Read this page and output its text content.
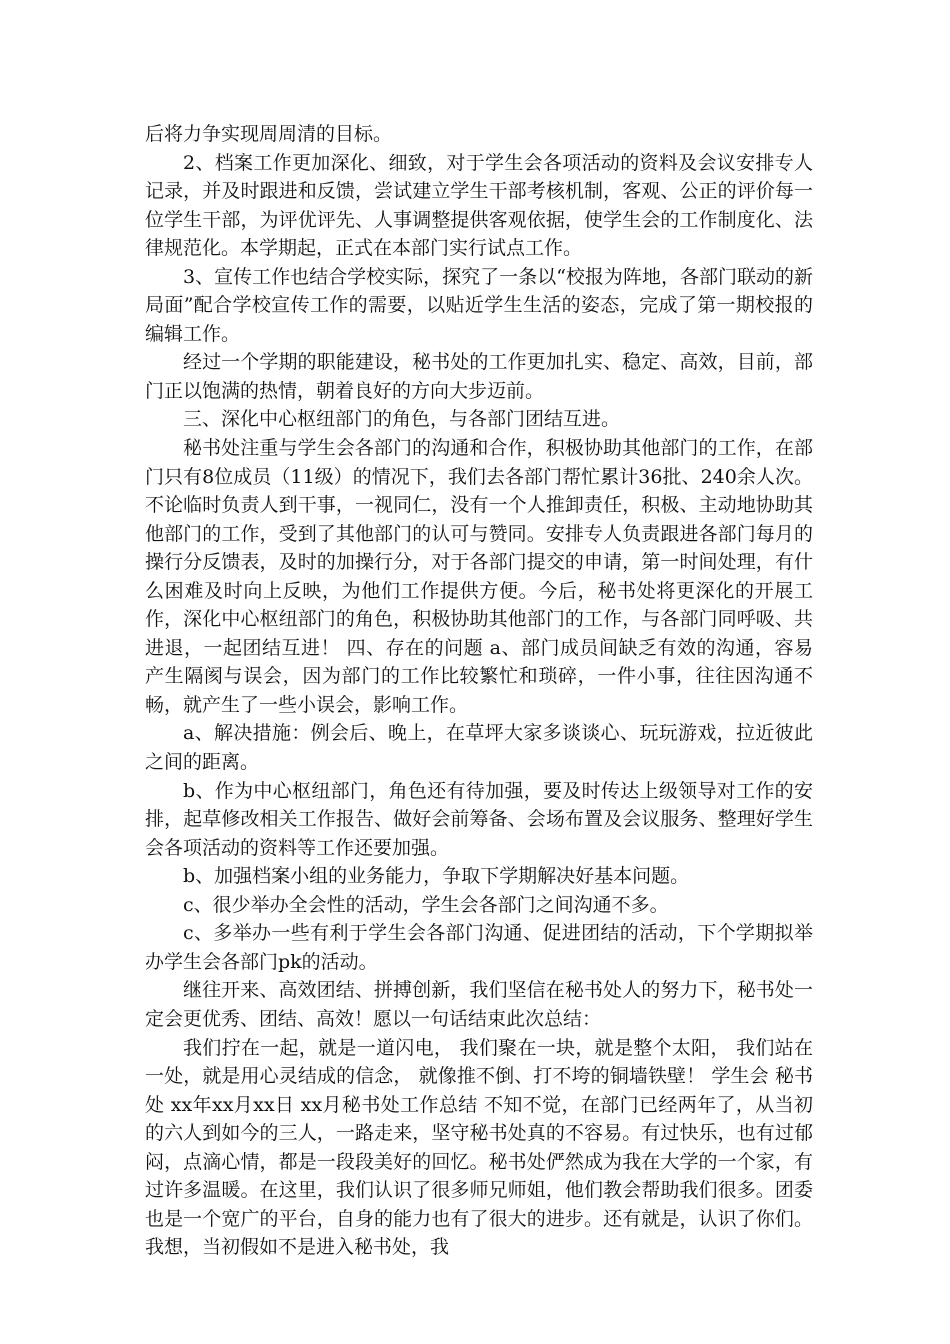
后将力争实现周周清的目标。

2、档案工作更加深化、细致，对于学生会各项活动的资料及会议安排专人记录，并及时跟进和反馈，尝试建立学生干部考核机制，客观、公正的评价每一位学生干部，为评优评先、人事调整提供客观依据，使学生会的工作制度化、法律规范化。本学期起，正式在本部门实行试点工作。

3、宣传工作也结合学校实际，探究了一条以“校报为阵地，各部门联动的新局面”配合学校宣传工作的需要，以贴近学生生活的姿态，完成了第一期校报的编辑工作。

经过一个学期的职能建设，秘书处的工作更加扎实、稳定、高效，目前，部门正以饱满的热情，朝着良好的方向大步迈前。

三、深化中心枢纽部门的角色，与各部门团结互进。

秘书处注重与学生会各部门的沟通和合作，积极协助其他部门的工作，在部门只有8位成员（11级）的情况下，我们去各部门帮忙累计36批、240余人次。不论临时负责人到干事，一视同仁，没有一个人推卸责任，积极、主动地协助其他部门的工作，受到了其他部门的认可与赞同。安排专人负责跟进各部门每月的操行分反馈表，及时的加操行分，对于各部门提交的申请，第一时间处理，有什么困难及时向上反映，为他们工作提供方便。今后，秘书处将更深化的开展工作，深化中心枢纽部门的角色，积极协助其他部门的工作，与各部门同呼吸、共进退，一起团结互进！ 四、存在的问题 a、部门成员间缺乏有效的沟通，容易产生隔阂与误会，因为部门的工作比较繁忙和琐碎，一件小事，往往因沟通不畅，就产生了一些小误会，影响工作。

a、解决措施：例会后、晚上，在草坪大家多谈谈心、玩玩游戏，拉近彼此之间的距离。

b、作为中心枢纽部门，角色还有待加强，要及时传达上级领导对工作的安排，起草修改相关工作报告、做好会前筹备、会场布置及会议服务、整理好学生会各项活动的资料等工作还要加强。

b、加强档案小组的业务能力，争取下学期解决好基本问题。

c、很少举办全会性的活动，学生会各部门之间沟通不多。

c、多举办一些有利于学生会各部门沟通、促进团结的活动，下个学期拟举办学生会各部门pk的活动。

继往开来、高效团结、拼搏创新，我们坚信在秘书处人的努力下，秘书处一定会更优秀、团结、高效！愿以一句话结束此次总结：

我们拧在一起，就是一道闪电， 我们聚在一块，就是整个太阳， 我们站在一处，就是用心灵结成的信念， 就像推不倒、打不垮的铜墙铁壁！ 学生会 秘书处 xx年xx月xx日 xx月秘书处工作总结 不知不觉，在部门已经两年了，从当初的六人到如今的三人，一路走来，坚守秘书处真的不容易。有过快乐，也有过郁闷，点滴心情，都是一段段美好的回忆。秘书处俨然成为我在大学的一个家，有过许多温暖。在这里，我们认识了很多师兄师姐，他们教会帮助我们很多。团委也是一个宽广的平台，自身的能力也有了很大的进步。还有就是，认识了你们。我想，当初假如不是进入秘书处，我
